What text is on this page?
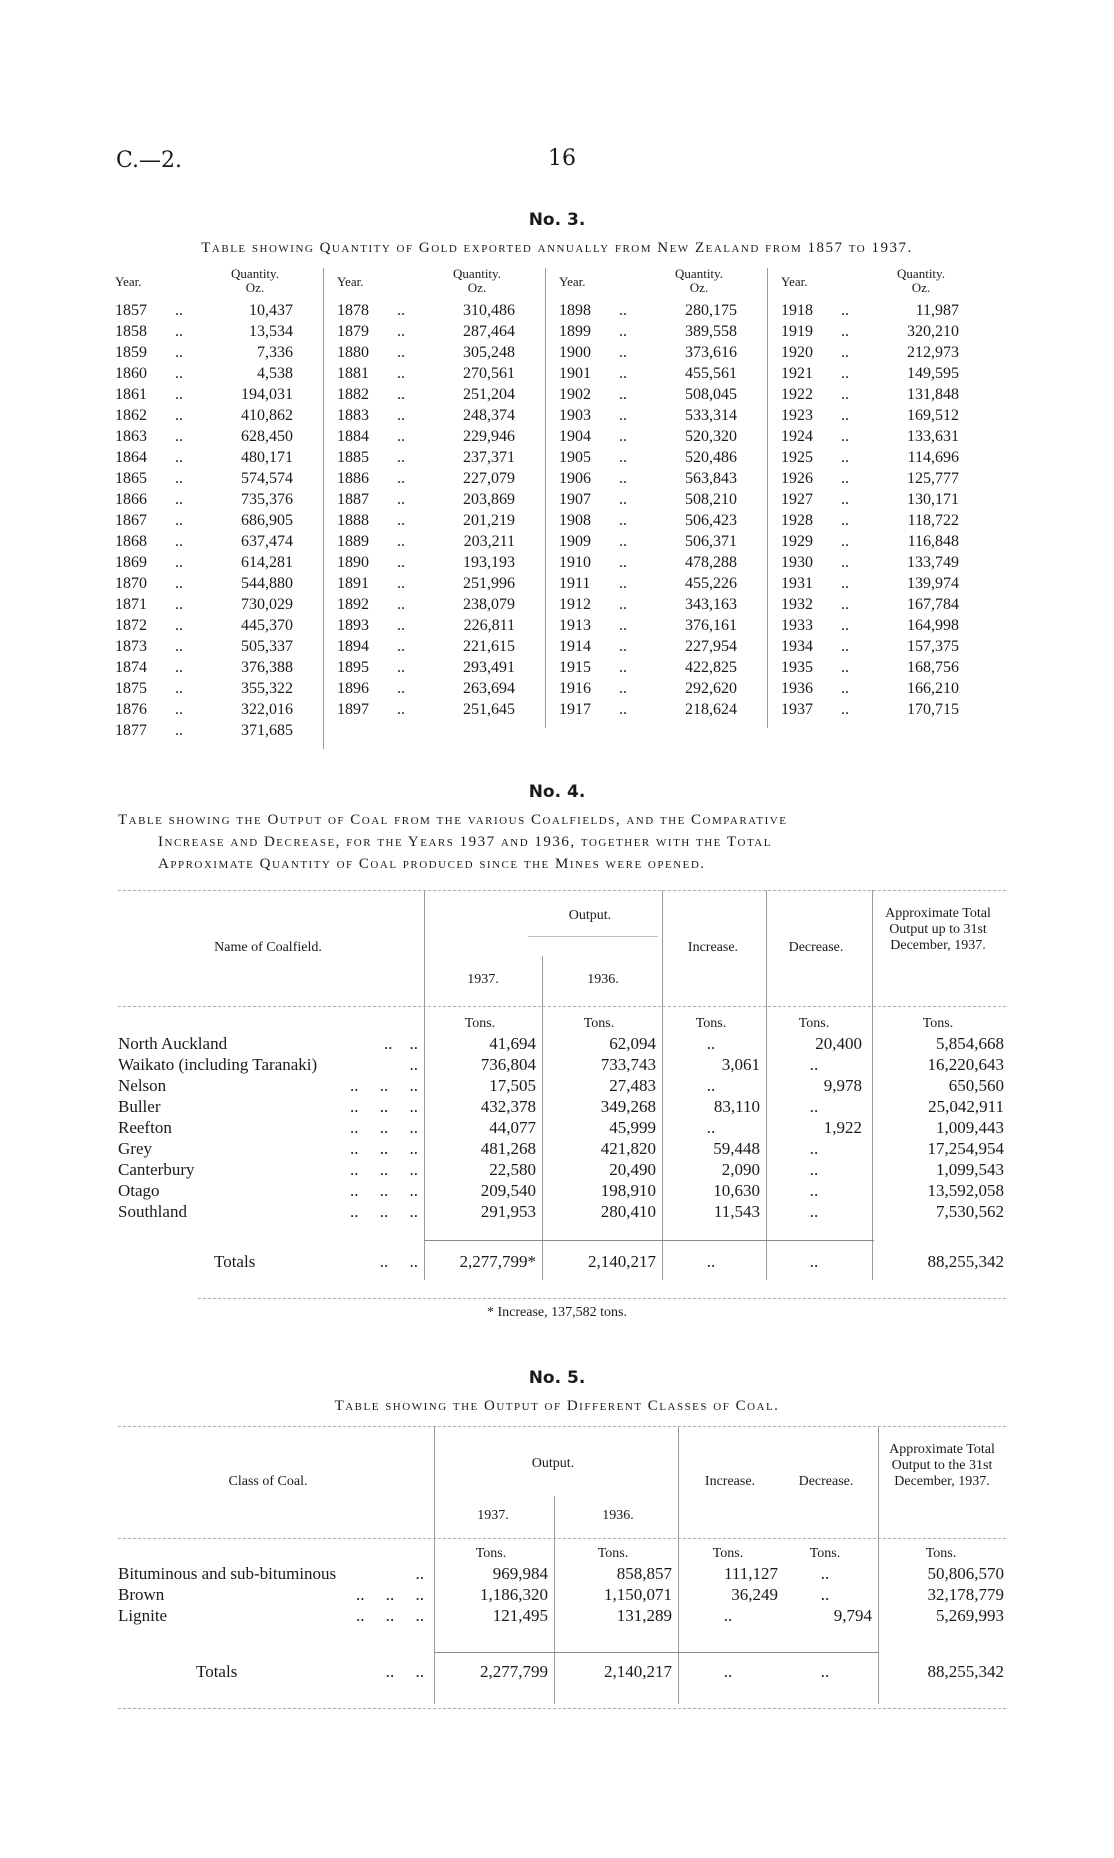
C.—2.	16
No. 3.
Table showing Quantity of Gold exported annually from New Zealand from 1857 to 1937.
Year.
Quantity.
Oz.
1857 ..	10,437
1858 ..	13,534
1859 ..	7,336
1860 ..	4,538
1861 ..	194,031
1862 ..	410,862
1863 ..	628,450
1864 ..	480,171
1865 ..	574,574
1866 ..	735,376
1867 ..	686,905
1868 ..	637,474
1869 ..	614,281
1870 ..	544,880
1871 ..	730,029
1872 ..	445,370
1873 ..	505,337
1874 ..	376,388
1875 ..	355,322
1876 ..	322,016
1877 ..	371,685
Year.
Quantity.
Oz.
1878 ..	310,486
1879 ..	287,464
1880 ..	305,248
1881 ..	270,561
1882 ..	251,204
1883 ..	248,374
1884 ..	229,946
1885 ..	237,371
1886 ..	227,079
1887 ..	203,869
1888 ..	201,219
1889 ..	203,211
1890 ..	193,193
1891 ..	251,996
1892 ..	238,079
1893 ..	226,811
1894 ..	221,615
1895 ..	293,491
1896 ..	263,694
1897 ..	251,645
Year.
Quantity.
Oz.
1898 ..	280,175
1899 ..	389,558
1900 ..	373,616
1901 ..	455,561
1902 ..	508,045
1903 ..	533,314
1904 ..	520,320
1905 ..	520,486
1906 ..	563,843
1907 ..	508,210
1908 ..	506,423
1909 ..	506,371
1910 ..	478,288
1911 ..	455,226
1912 ..	343,163
1913 ..	376,161
1914 ..	227,954
1915 ..	422,825
1916 ..	292,620
1917 ..	218,624
Year.
Quantity.
Oz.
1918 ..	11,987
1919 ..	320,210
1920 ..	212,973
1921 ..	149,595
1922 ..	131,848
1923 ..	169,512
1924 ..	133,631
1925 ..	114,696
1926 ..	125,777
1927 ..	130,171
1928 ..	118,722
1929 ..	116,848
1930 ..	133,749
1931 ..	139,974
1932 ..	167,784
1933 ..	164,998
1934 ..	157,375
1935 ..	168,756
1936 ..	166,210
1937 ..	170,715
No. 4.
Table showing the Output of Coal from the various Coalfields, and the Comparative
Increase and Decrease, for the Years 1937 and 1936, together with the Total
Approximate Quantity of Coal produced since the Mines were opened.
Name of Coalfield.
Output.
1937.	1936.
Increase.	Decrease.
Approximate Total Output up to 31st December, 1937.
Tons.	Tons.	Tons.	Tons.	Tons.
North Auckland	..    ..	41,694	62,094	..	20,400	5,854,668
Waikato (including Taranaki)	..	736,804	733,743	3,061	..	16,220,643
Nelson	..     ..     ..	17,505	27,483	..	9,978	650,560
Buller	..     ..     ..	432,378	349,268	83,110	..	25,042,911
Reefton	..     ..     ..	44,077	45,999	..	1,922	1,009,443
Grey	..     ..     ..	481,268	421,820	59,448	..	17,254,954
Canterbury	..     ..     ..	22,580	20,490	2,090	..	1,099,543
Otago	..     ..     ..	209,540	198,910	10,630	..	13,592,058
Southland	..     ..     ..	291,953	280,410	11,543	..	7,530,562
Totals	..     ..	2,277,799*	2,140,217	..	..	88,255,342
* Increase, 137,582 tons.
No. 5.
Table showing the Output of Different Classes of Coal.
Class of Coal.
Output.
1937.	1936.
Increase.	Decrease.
Approximate Total Output to the 31st December, 1937.
Tons.	Tons.	Tons.	Tons.	Tons.
Bituminous and sub-bituminous	..	969,984	858,857	111,127	..	50,806,570
Brown	..     ..     ..	1,186,320	1,150,071	36,249	..	32,178,779
Lignite	..     ..     ..	121,495	131,289	..	9,794	5,269,993
Totals	..     ..	2,277,799	2,140,217	..	..	88,255,342
